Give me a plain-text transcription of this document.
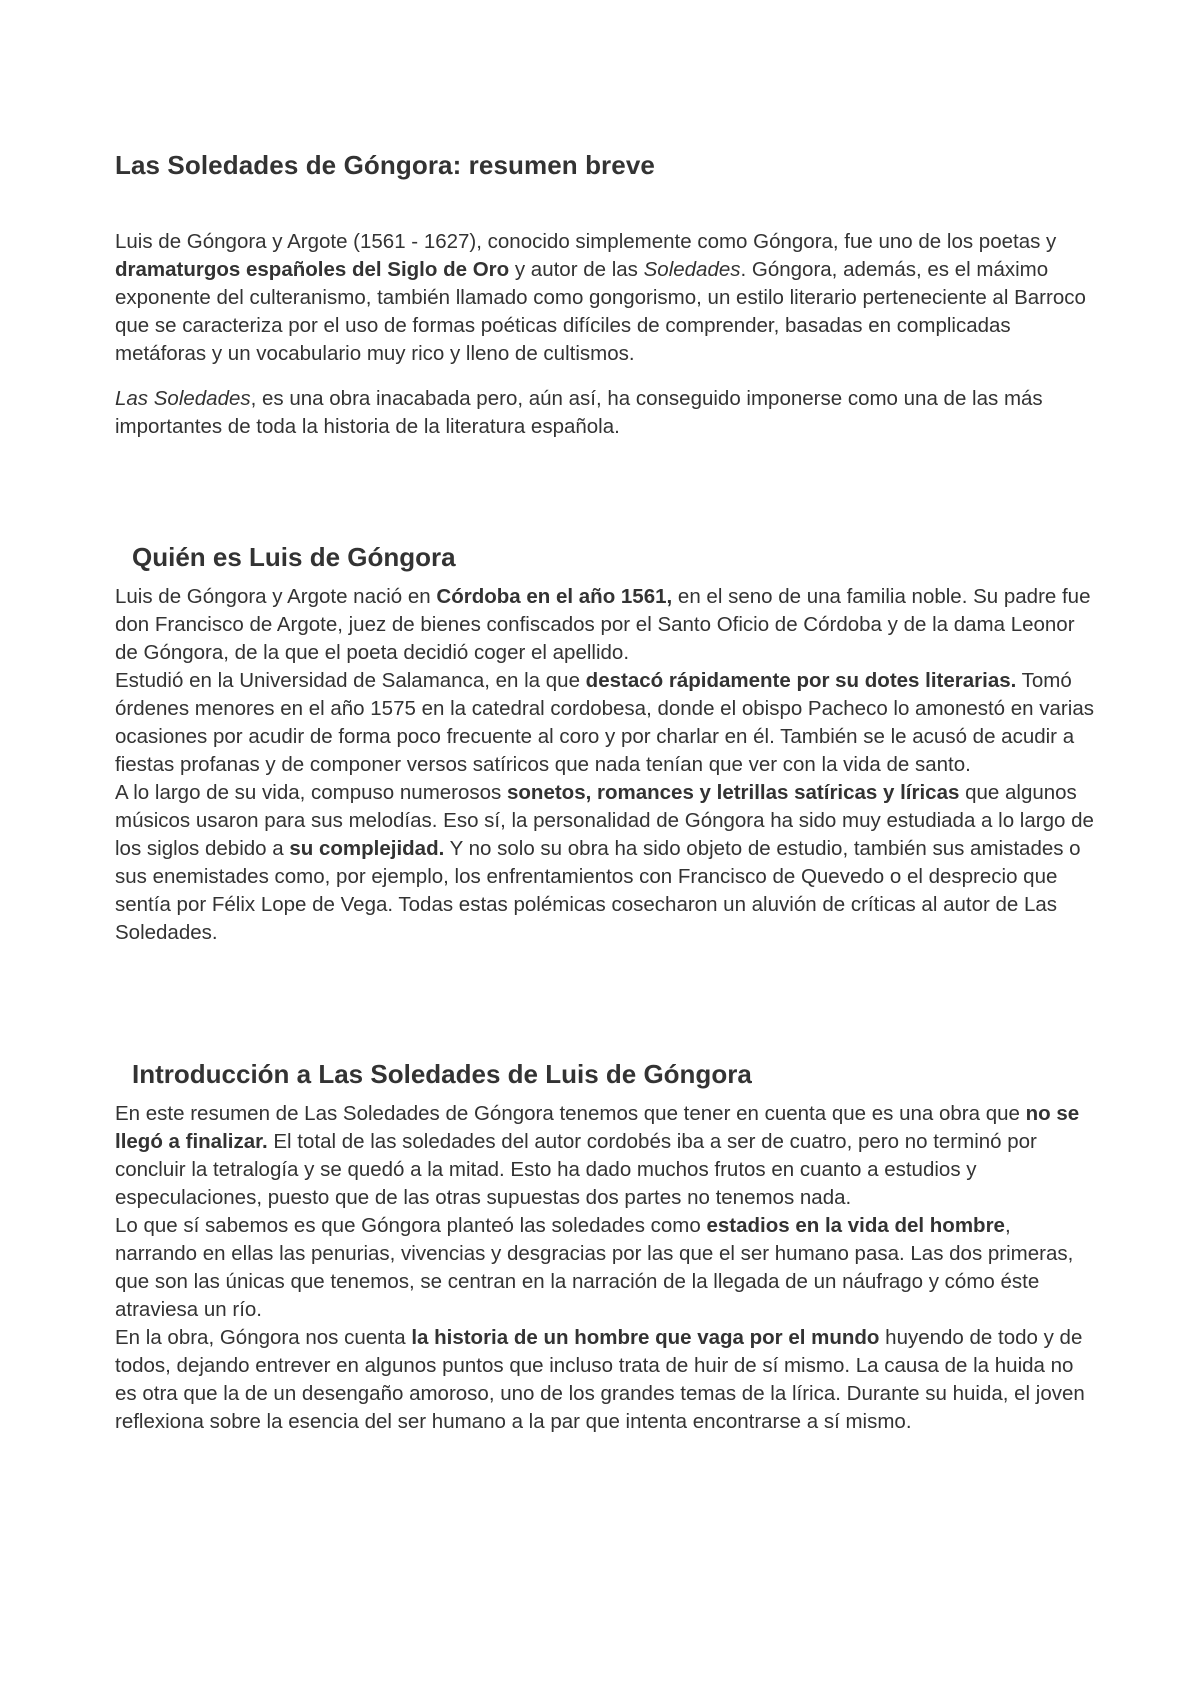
Las Soledades de Góngora: resumen breve

Luis de Góngora y Argote (1561 - 1627), conocido simplemente como Góngora, fue uno de los poetas y dramaturgos españoles del Siglo de Oro y autor de las Soledades. Góngora, además, es el máximo exponente del culteranismo, también llamado como gongorismo, un estilo literario perteneciente al Barroco que se caracteriza por el uso de formas poéticas difíciles de comprender, basadas en complicadas metáforas y un vocabulario muy rico y lleno de cultismos.

Las Soledades, es una obra inacabada pero, aún así, ha conseguido imponerse como una de las más importantes de toda la historia de la literatura española.

Quién es Luis de Góngora

Luis de Góngora y Argote nació en Córdoba en el año 1561, en el seno de una familia noble. Su padre fue don Francisco de Argote, juez de bienes confiscados por el Santo Oficio de Córdoba y de la dama Leonor de Góngora, de la que el poeta decidió coger el apellido.

Estudió en la Universidad de Salamanca, en la que destacó rápidamente por su dotes literarias. Tomó órdenes menores en el año 1575 en la catedral cordobesa, donde el obispo Pacheco lo amonestó en varias ocasiones por acudir de forma poco frecuente al coro y por charlar en él. También se le acusó de acudir a fiestas profanas y de componer versos satíricos que nada tenían que ver con la vida de santo.

A lo largo de su vida, compuso numerosos sonetos, romances y letrillas satíricas y líricas que algunos músicos usaron para sus melodías. Eso sí, la personalidad de Góngora ha sido muy estudiada a lo largo de los siglos debido a su complejidad. Y no solo su obra ha sido objeto de estudio, también sus amistades o sus enemistades como, por ejemplo, los enfrentamientos con Francisco de Quevedo o el desprecio que sentía por Félix Lope de Vega. Todas estas polémicas cosecharon un aluvión de críticas al autor de Las Soledades.

Introducción a Las Soledades de Luis de Góngora

En este resumen de Las Soledades de Góngora tenemos que tener en cuenta que es una obra que no se llegó a finalizar. El total de las soledades del autor cordobés iba a ser de cuatro, pero no terminó por concluir la tetralogía y se quedó a la mitad. Esto ha dado muchos frutos en cuanto a estudios y especulaciones, puesto que de las otras supuestas dos partes no tenemos nada.

Lo que sí sabemos es que Góngora planteó las soledades como estadios en la vida del hombre, narrando en ellas las penurias, vivencias y desgracias por las que el ser humano pasa. Las dos primeras, que son las únicas que tenemos, se centran en la narración de la llegada de un náufrago y cómo éste atraviesa un río.

En la obra, Góngora nos cuenta la historia de un hombre que vaga por el mundo huyendo de todo y de todos, dejando entrever en algunos puntos que incluso trata de huir de sí mismo. La causa de la huida no es otra que la de un desengaño amoroso, uno de los grandes temas de la lírica. Durante su huida, el joven reflexiona sobre la esencia del ser humano a la par que intenta encontrarse a sí mismo.
